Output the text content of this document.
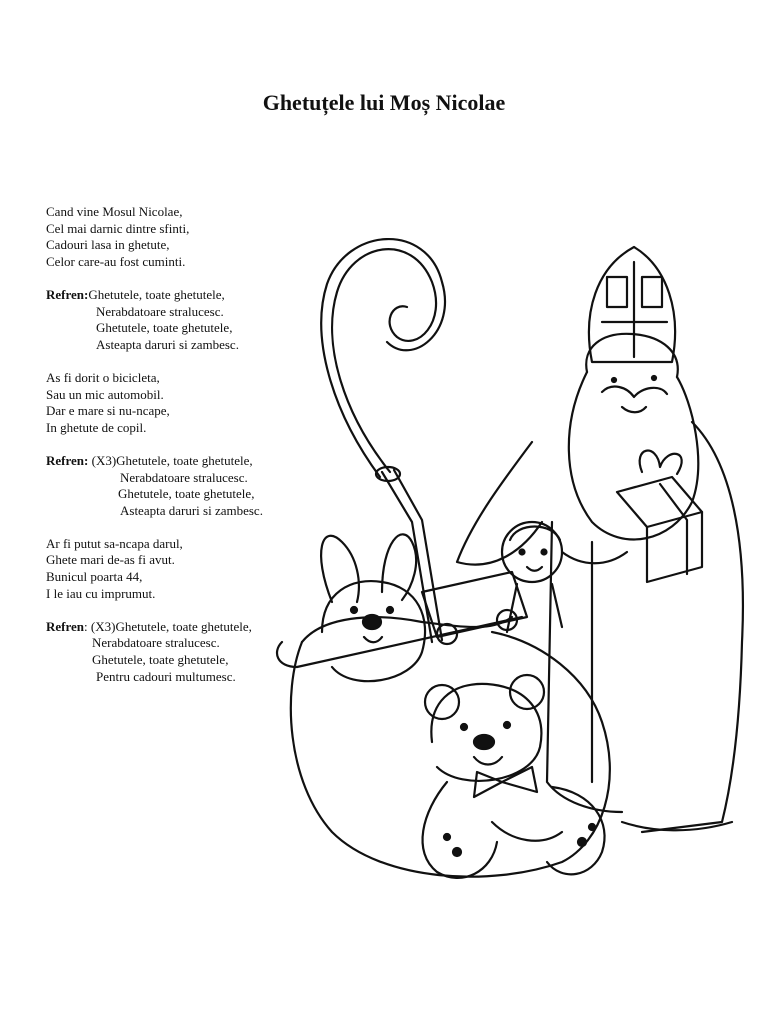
Ghetuțele lui Moș Nicolae
Cand vine Mosul Nicolae,
Cel mai darnic dintre sfinti,
Cadouri lasa in ghetute,
Celor care-au fost cuminti.
Refren:Ghetutele, toate ghetutele,
Nerabdatoare stralucesc.
Ghetutele, toate ghetutele,
Asteapta daruri si zambesc.
As fi dorit o bicicleta,
Sau un mic automobil.
Dar e mare si nu-ncape,
In ghetute de copil.
Refren: (X3)Ghetutele, toate ghetutele,
Nerabdatoare stralucesc.
Ghetutele, toate ghetutele,
Asteapta daruri si zambesc.
Ar fi putut sa-ncapa darul,
Ghete mari de-as fi avut.
Bunicul poarta 44,
I le iau cu imprumut.
Refren: (X3)Ghetutele, toate ghetutele,
Nerabdatoare stralucesc.
Ghetutele, toate ghetutele,
Pentru cadouri multumesc.
